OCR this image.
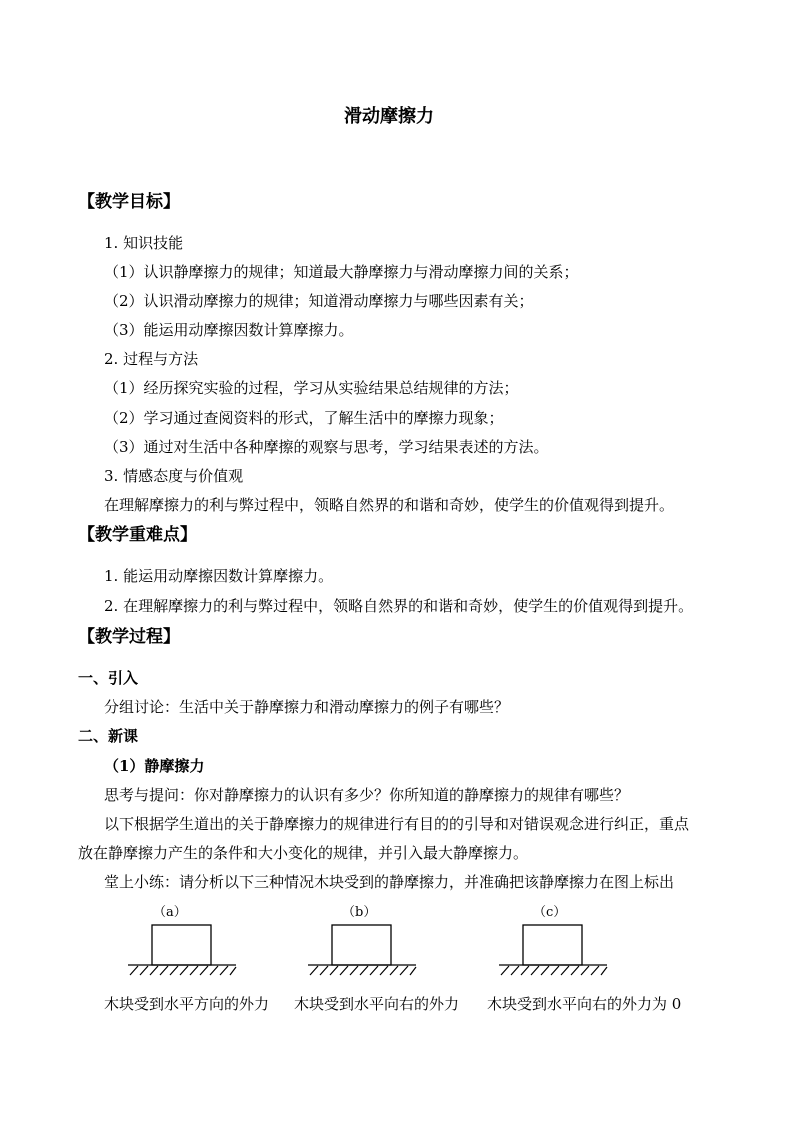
滑动摩擦力
【教学目标】
1. 知识技能
（1）认识静摩擦力的规律；知道最大静摩擦力与滑动摩擦力间的关系；
（2）认识滑动摩擦力的规律；知道滑动摩擦力与哪些因素有关；
（3）能运用动摩擦因数计算摩擦力。
2. 过程与方法
（1）经历探究实验的过程，学习从实验结果总结规律的方法；
（2）学习通过查阅资料的形式，了解生活中的摩擦力现象；
（3）通过对生活中各种摩擦的观察与思考，学习结果表述的方法。
3. 情感态度与价值观
在理解摩擦力的利与弊过程中，领略自然界的和谐和奇妙，使学生的价值观得到提升。
【教学重难点】
1. 能运用动摩擦因数计算摩擦力。
2. 在理解摩擦力的利与弊过程中，领略自然界的和谐和奇妙，使学生的价值观得到提升。
【教学过程】
一、引入
分组讨论：生活中关于静摩擦力和滑动摩擦力的例子有哪些？
二、新课
（1）静摩擦力
思考与提问：你对静摩擦力的认识有多少？你所知道的静摩擦力的规律有哪些？
以下根据学生道出的关于静摩擦力的规律进行有目的的引导和对错误观念进行纠正，重点
放在静摩擦力产生的条件和大小变化的规律，并引入最大静摩擦力。
堂上小练：请分析以下三种情况木块受到的静摩擦力，并准确把该静摩擦力在图上标出
（a）
木块受到水平方向的外力
（b）
木块受到水平向右的外力
（c）
木块受到水平向右的外力为 0
